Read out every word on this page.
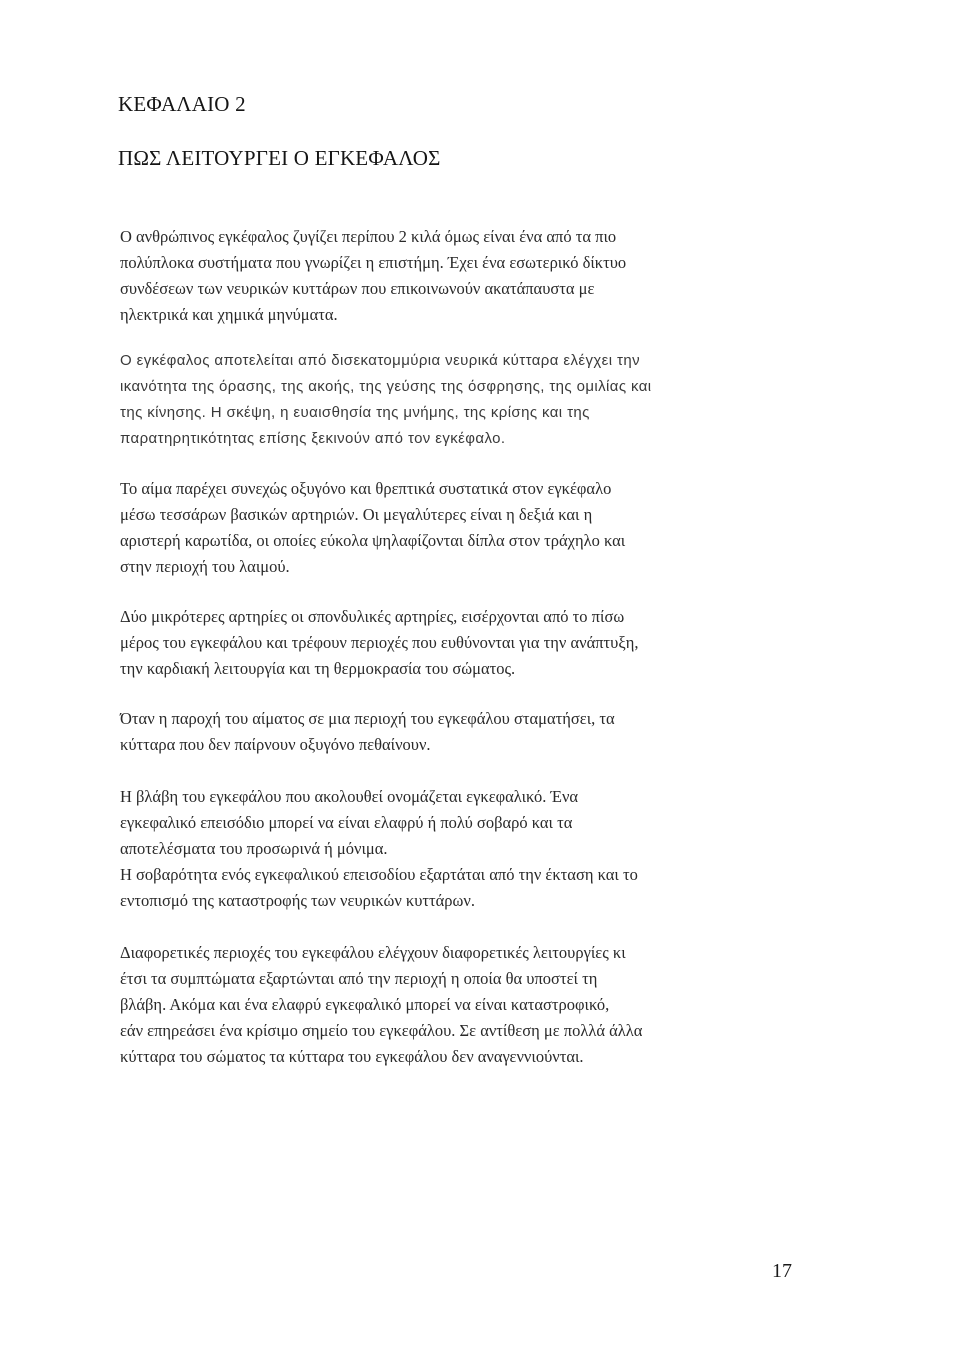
ΚΕΦΑΛΑΙΟ 2
ΠΩΣ ΛΕΙΤΟΥΡΓΕΙ Ο ΕΓΚΕΦΑΛΟΣ

Ο ανθρώπινος εγκέφαλος ζυγίζει περίπου 2 κιλά όμως είναι ένα από τα πιο
πολύπλοκα συστήματα που γνωρίζει η επιστήμη. Έχει ένα εσωτερικό δίκτυο
συνδέσεων των νευρικών κυττάρων που επικοινωνούν ακατάπαυστα με
ηλεκτρικά και χημικά μηνύματα.

Ο εγκέφαλος αποτελείται από δισεκατομμύρια νευρικά κύτταρα ελέγχει την
ικανότητα της όρασης, της ακοής, της γεύσης της όσφρησης, της ομιλίας και
της κίνησης. Η σκέψη, η ευαισθησία της μνήμης, της κρίσης και της
παρατηρητικότητας επίσης ξεκινούν από τον εγκέφαλο.

Το αίμα παρέχει συνεχώς οξυγόνο και θρεπτικά συστατικά στον εγκέφαλο
μέσω τεσσάρων βασικών αρτηριών. Οι μεγαλύτερες είναι η δεξιά και η
αριστερή καρωτίδα, οι οποίες εύκολα ψηλαφίζονται δίπλα στον τράχηλο και
στην περιοχή του λαιμού.

Δύο μικρότερες αρτηρίες οι σπονδυλικές αρτηρίες, εισέρχονται από το πίσω
μέρος του εγκεφάλου και τρέφουν περιοχές που ευθύνονται για την ανάπτυξη,
την καρδιακή λειτουργία και τη θερμοκρασία του σώματος.

Όταν η παροχή του αίματος σε μια περιοχή του εγκεφάλου σταματήσει, τα
κύτταρα που δεν παίρνουν οξυγόνο πεθαίνουν.

Η βλάβη του εγκεφάλου που ακολουθεί ονομάζεται εγκεφαλικό. Ένα
εγκεφαλικό επεισόδιο μπορεί να είναι ελαφρύ ή πολύ σοβαρό και τα
αποτελέσματα του προσωρινά ή μόνιμα.
Η σοβαρότητα ενός εγκεφαλικού επεισοδίου εξαρτάται από την έκταση και το
εντοπισμό της καταστροφής των νευρικών κυττάρων.

Διαφορετικές περιοχές του εγκεφάλου ελέγχουν διαφορετικές λειτουργίες κι
έτσι τα συμπτώματα εξαρτώνται από την περιοχή η οποία θα υποστεί τη
βλάβη. Ακόμα και ένα ελαφρύ εγκεφαλικό μπορεί να είναι καταστροφικό,
εάν επηρεάσει ένα κρίσιμο σημείο του εγκεφάλου. Σε αντίθεση με πολλά άλλα
κύτταρα του σώματος τα κύτταρα του εγκεφάλου δεν αναγεννιούνται.

17
